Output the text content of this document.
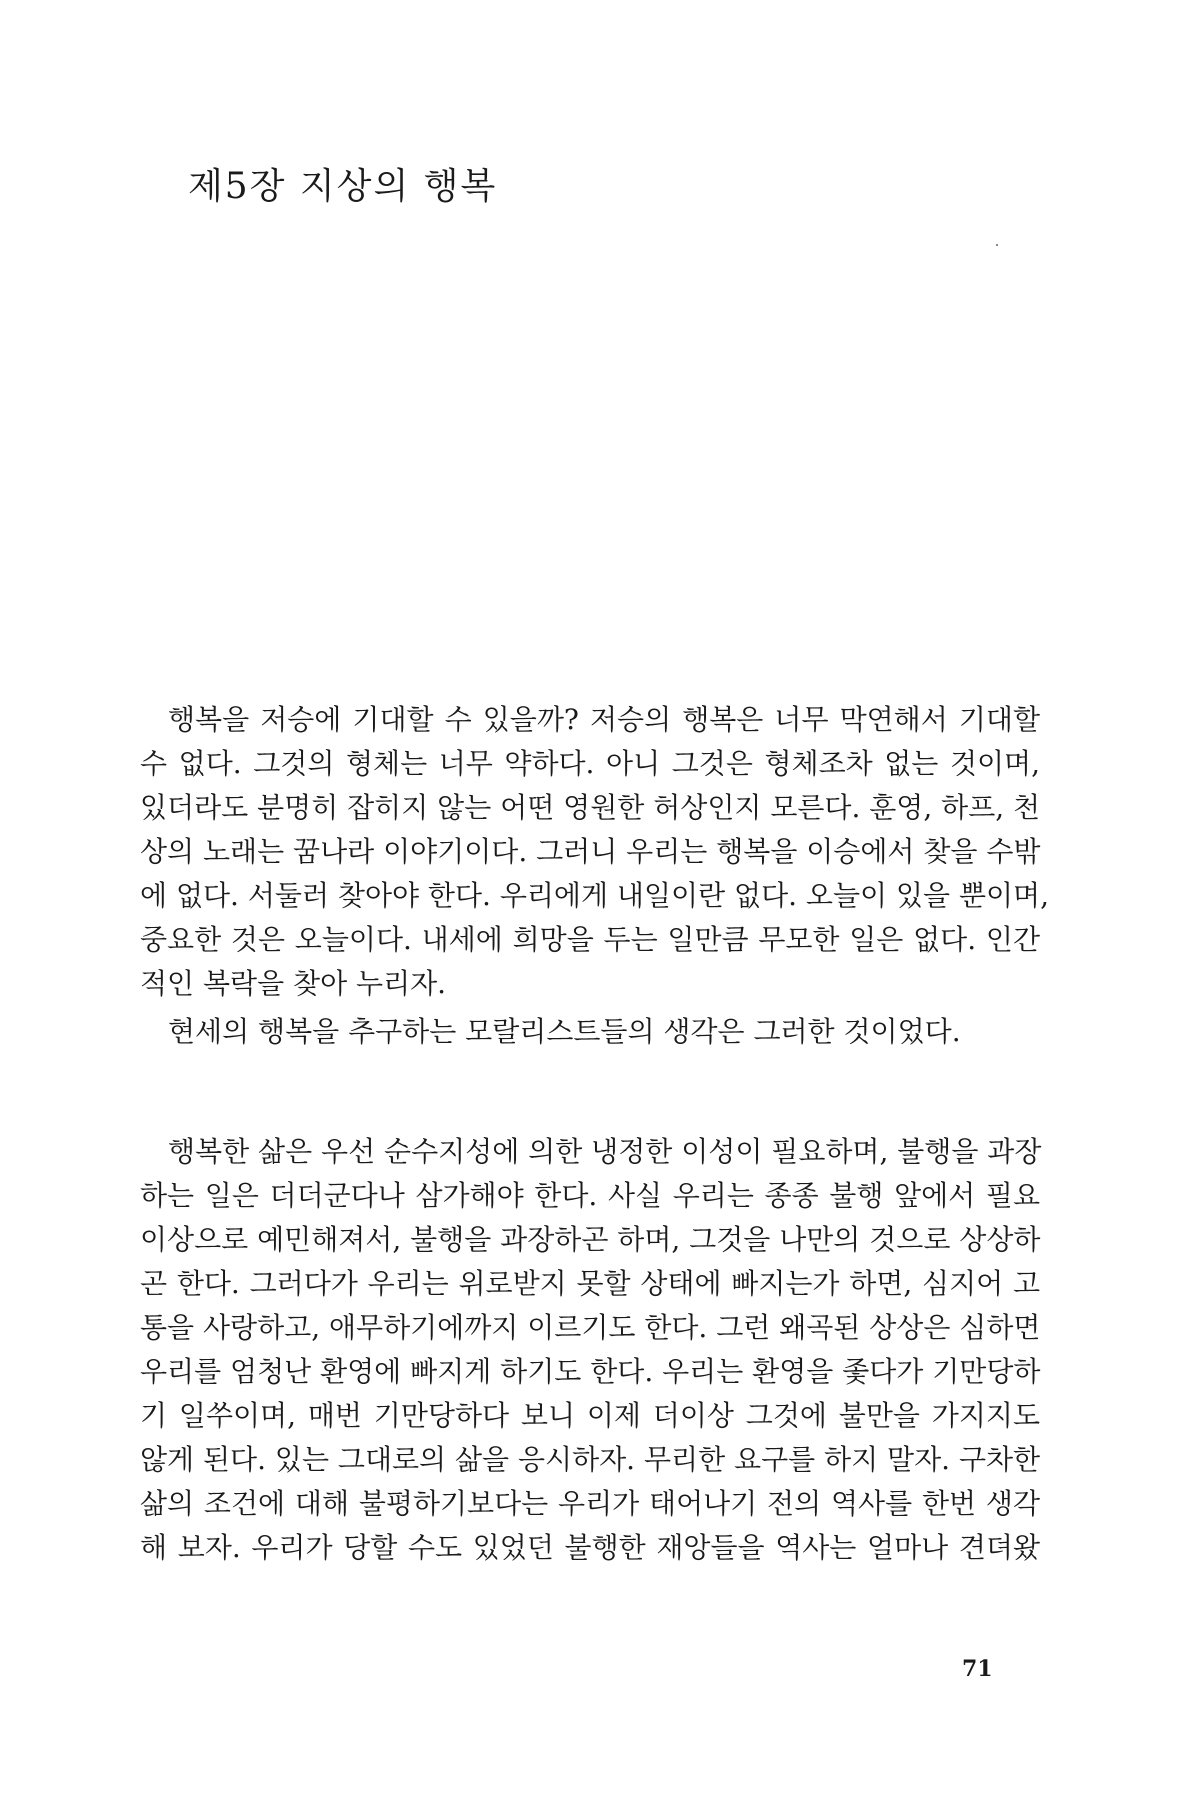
제5장 지상의 행복
행복을 저승에 기대할 수 있을까? 저승의 행복은 너무 막연해서 기대할
수 없다. 그것의 형체는 너무 약하다. 아니 그것은 형체조차 없는 것이며,
있더라도 분명히 잡히지 않는 어떤 영원한 허상인지 모른다. 훈영, 하프, 천
상의 노래는 꿈나라 이야기이다. 그러니 우리는 행복을 이승에서 찾을 수밖
에 없다. 서둘러 찾아야 한다. 우리에게 내일이란 없다. 오늘이 있을 뿐이며,
중요한 것은 오늘이다. 내세에 희망을 두는 일만큼 무모한 일은 없다. 인간
적인 복락을 찾아 누리자.
현세의 행복을 추구하는 모랄리스트들의 생각은 그러한 것이었다.
행복한 삶은 우선 순수지성에 의한 냉정한 이성이 필요하며, 불행을 과장
하는 일은 더더군다나 삼가해야 한다. 사실 우리는 종종 불행 앞에서 필요
이상으로 예민해져서, 불행을 과장하곤 하며, 그것을 나만의 것으로 상상하
곤 한다. 그러다가 우리는 위로받지 못할 상태에 빠지는가 하면, 심지어 고
통을 사랑하고, 애무하기에까지 이르기도 한다. 그런 왜곡된 상상은 심하면
우리를 엄청난 환영에 빠지게 하기도 한다. 우리는 환영을 좇다가 기만당하
기 일쑤이며, 매번 기만당하다 보니 이제 더이상 그것에 불만을 가지지도
않게 된다. 있는 그대로의 삶을 응시하자. 무리한 요구를 하지 말자. 구차한
삶의 조건에 대해 불평하기보다는 우리가 태어나기 전의 역사를 한번 생각
해 보자. 우리가 당할 수도 있었던 불행한 재앙들을 역사는 얼마나 견뎌왔

71
